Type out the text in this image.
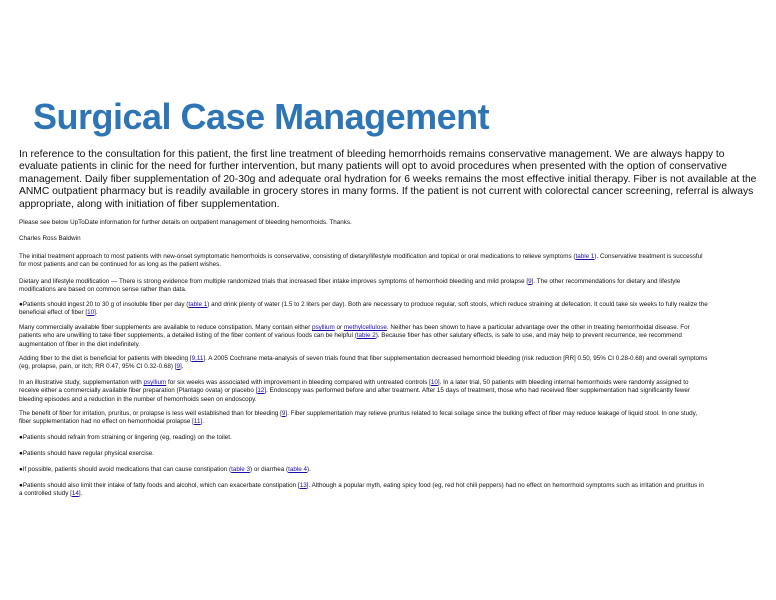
Surgical Case Management

In reference to the consultation for this patient, the first line treatment of bleeding hemorrhoids remains conservative management. We are always happy to evaluate patients in clinic for the need for further intervention, but many patients will opt to avoid procedures when presented with the option of conservative management. Daily fiber supplementation of 20-30g and adequate oral hydration for 6 weeks remains the most effective initial therapy. Fiber is not available at the ANMC outpatient pharmacy but is readily available in grocery stores in many forms. If the patient is not current with colorectal cancer screening, referral is always appropriate, along with initiation of fiber supplementation.

Please see below UpToDate information for further details on outpatient management of bleeding hemorrhoids. Thanks.

Charles Ross Baldwin

The initial treatment approach to most patients with new-onset symptomatic hemorrhoids is conservative, consisting of dietary/lifestyle modification and topical or oral medications to relieve symptoms (table 1). Conservative treatment is successful for most patients and can be continued for as long as the patient wishes.

Dietary and lifestyle modification — There is strong evidence from multiple randomized trials that increased fiber intake improves symptoms of hemorrhoid bleeding and mild prolapse [9]. The other recommendations for dietary and lifestyle modifications are based on common sense rather than data.

●Patients should ingest 20 to 30 g of insoluble fiber per day (table 1) and drink plenty of water (1.5 to 2 liters per day). Both are necessary to produce regular, soft stools, which reduce straining at defecation. It could take six weeks to fully realize the beneficial effect of fiber [10].

Many commercially available fiber supplements are available to reduce constipation. Many contain either psyllium or methylcellulose. Neither has been shown to have a particular advantage over the other in treating hemorrhoidal disease. For patients who are unwilling to take fiber supplements, a detailed listing of the fiber content of various foods can be helpful (table 2). Because fiber has other salutary effects, is safe to use, and may help to prevent recurrence, we recommend augmentation of fiber in the diet indefinitely.

Adding fiber to the diet is beneficial for patients with bleeding [9,11]. A 2005 Cochrane meta-analysis of seven trials found that fiber supplementation decreased hemorrhoid bleeding (risk reduction [RR] 0.50, 95% CI 0.28-0.68) and overall symptoms (eg, prolapse, pain, or itch; RR 0.47, 95% CI 0.32-0.68) [9].

In an illustrative study, supplementation with psyllium for six weeks was associated with improvement in bleeding compared with untreated controls [10]. In a later trial, 50 patients with bleeding internal hemorrhoids were randomly assigned to receive either a commercially available fiber preparation (Plantago ovata) or placebo [12]. Endoscopy was performed before and after treatment. After 15 days of treatment, those who had received fiber supplementation had significantly fewer bleeding episodes and a reduction in the number of hemorrhoids seen on endoscopy.

The benefit of fiber for irritation, pruritus, or prolapse is less well established than for bleeding [9]. Fiber supplementation may relieve pruritus related to fecal soilage since the bulking effect of fiber may reduce leakage of liquid stool. In one study, fiber supplementation had no effect on hemorrhoidal prolapse [11].

●Patients should refrain from straining or lingering (eg, reading) on the toilet.

●Patients should have regular physical exercise.

●If possible, patients should avoid medications that can cause constipation (table 3) or diarrhea (table 4).

●Patients should also limit their intake of fatty foods and alcohol, which can exacerbate constipation [13]. Although a popular myth, eating spicy food (eg, red hot chili peppers) had no effect on hemorrhoid symptoms such as irritation and pruritus in a controlled study [14].
